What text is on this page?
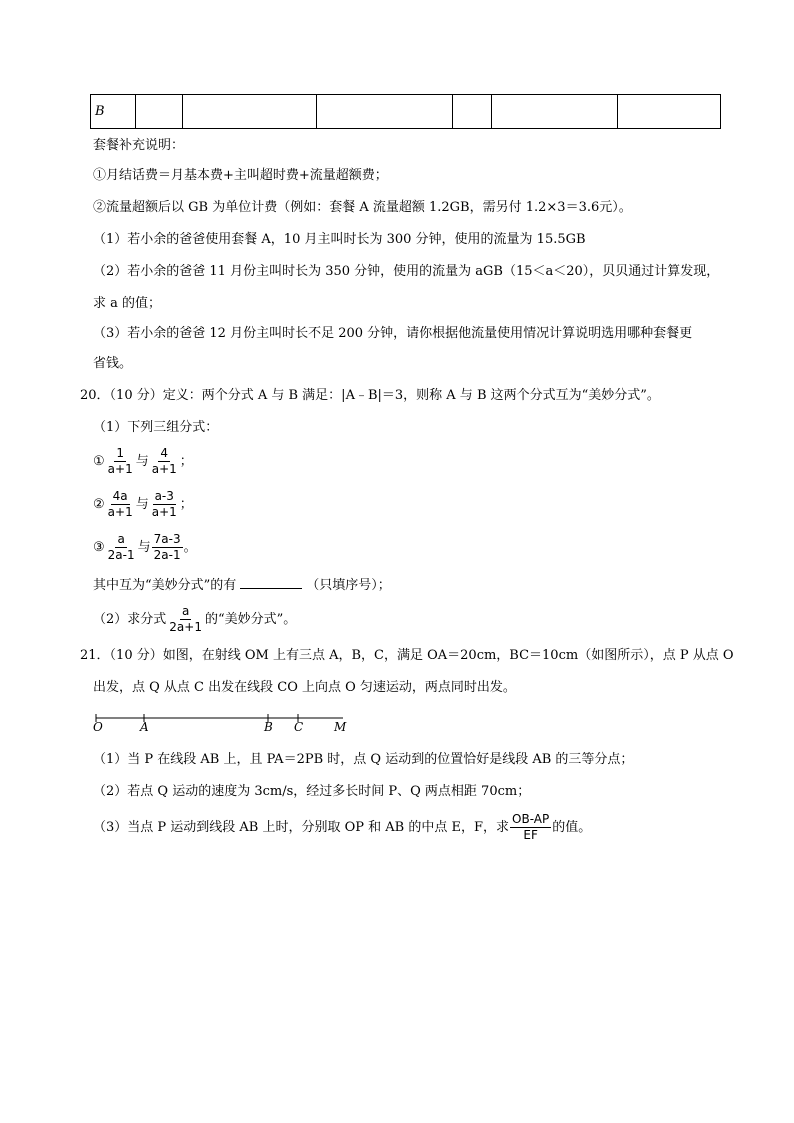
B						
套餐补充说明：
①月结话费＝月基本费+主叫超时费+流量超额费；
②流量超额后以 GB 为单位计费（例如：套餐 A 流量超额 1.2GB，需另付 1.2×3＝3.6元）。
（1）若小余的爸爸使用套餐 A，10 月主叫时长为 300 分钟，使用的流量为 15.5GB
（2）若小余的爸爸 11 月份主叫时长为 350 分钟，使用的流量为 aGB（15＜a＜20），贝贝通过计算发现，
求 a 的值；
（3）若小余的爸爸 12 月份主叫时长不足 200 分钟，请你根据他流量使用情况计算说明选用哪种套餐更
省钱。
20．（10 分）定义：两个分式 A 与 B 满足：|A﹣B|＝3，则称 A 与 B 这两个分式互为“美妙分式”。
（1）下列三组分式：
① $\frac{1}{a+1}$ 与 $\frac{4}{a+1}$ ；
② $\frac{4a}{a+1}$ 与 $\frac{a-3}{a+1}$ ；
③ $\frac{a}{2a-1}$ 与 $\frac{7a-3}{2a-1}$ 。
其中互为“美妙分式”的有	（只填序号）；
（2）求分式 $\frac{a}{2a+1}$ 的“美妙分式”。
21．（10 分）如图，在射线 OM 上有三点 A，B，C，满足 OA＝20cm，BC＝10cm（如图所示），点 P 从点 O
出发，点 Q 从点 C 出发在线段 CO 上向点 O 匀速运动，两点同时出发。
O	A	B C	M
（1）当 P 在线段 AB 上，且 PA＝2PB 时，点 Q 运动到的位置恰好是线段 AB 的三等分点；
（2）若点 Q 运动的速度为 3cm/s，经过多长时间 P、Q 两点相距 70cm；
（3）当点 P 运动到线段 AB 上时，分别取 OP 和 AB 的中点 E，F，求 $\frac{OB-AP}{EF}$ 的值。
